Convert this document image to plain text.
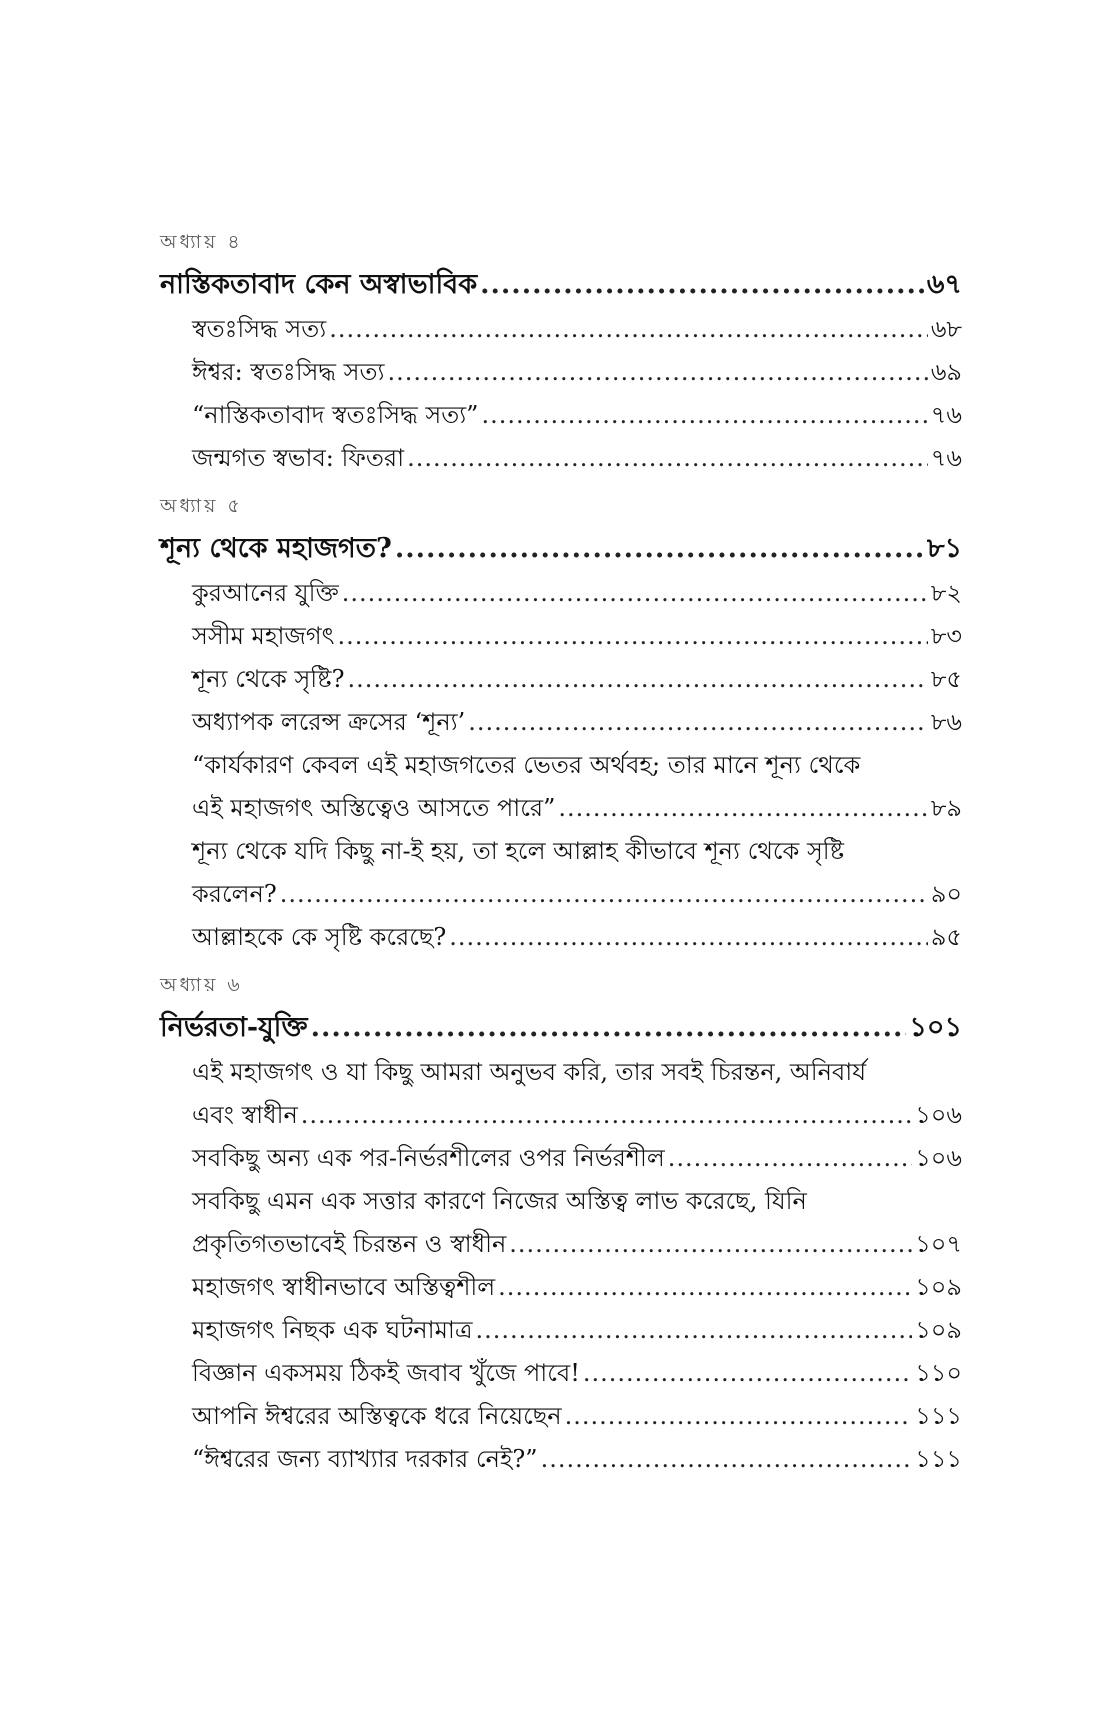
অধ্যায় ৪
নাস্তিকতাবাদ কেন অস্বাভাবিক .....	৬৭
স্বতঃসিদ্ধ সত্য .....	৬৮
ঈশ্বর: স্বতঃসিদ্ধ সত্য .....	৬৯
“নাস্তিকতাবাদ স্বতঃসিদ্ধ সত্য” .....	৭৬
জন্মগত স্বভাব: ফিতরা .....	৭৬
অধ্যায় ৫
শূন্য থেকে মহাজগত? .....	৮১
কুরআনের যুক্তি .....	৮২
সসীম মহাজগৎ .....	৮৩
শূন্য থেকে সৃষ্টি? .....	৮৫
অধ্যাপক লরেন্স ক্রসের ‘শূন্য’ .....	৮৬
“কার্যকারণ কেবল এই মহাজগতের ভেতর অর্থবহ; তার মানে শূন্য থেকে
এই মহাজগৎ অস্তিত্বেও আসতে পারে” .....	৮৯
শূন্য থেকে যদি কিছু না-ই হয়, তা হলে আল্লাহ কীভাবে শূন্য থেকে সৃষ্টি
করলেন? .....	৯০
আল্লাহকে কে সৃষ্টি করেছে? .....	৯৫
অধ্যায় ৬
নির্ভরতা-যুক্তি .....	১০১
এই মহাজগৎ ও যা কিছু আমরা অনুভব করি, তার সবই চিরন্তন, অনিবার্য
এবং স্বাধীন .....	১০৬
সবকিছু অন্য এক পর-নির্ভরশীলের ওপর নির্ভরশীল .....	১০৬
সবকিছু এমন এক সত্তার কারণে নিজের অস্তিত্ব লাভ করেছে, যিনি
প্রকৃতিগতভাবেই চিরন্তন ও স্বাধীন .....	১০৭
মহাজগৎ স্বাধীনভাবে অস্তিত্বশীল .....	১০৯
মহাজগৎ নিছক এক ঘটনামাত্র .....	১০৯
বিজ্ঞান একসময় ঠিকই জবাব খুঁজে পাবে! .....	১১০
আপনি ঈশ্বরের অস্তিত্বকে ধরে নিয়েছেন .....	১১১
“ঈশ্বরের জন্য ব্যাখ্যার দরকার নেই?” .....	১১১
